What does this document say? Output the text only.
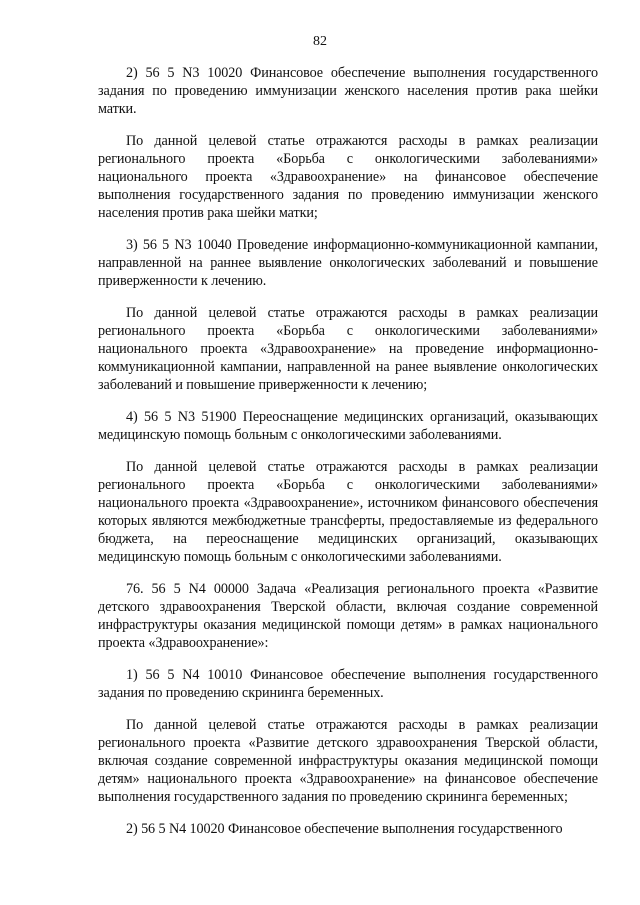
82

2) 56 5 N3 10020 Финансовое обеспечение выполнения государственного задания по проведению иммунизации женского населения против рака шейки матки.

По данной целевой статье отражаются расходы в рамках реализации регионального проекта «Борьба с онкологическими заболеваниями» национального проекта «Здравоохранение» на финансовое обеспечение выполнения государственного задания по проведению иммунизации женского населения против рака шейки матки;

3) 56 5 N3 10040 Проведение информационно-коммуникационной кампании, направленной на раннее выявление онкологических заболеваний и повышение приверженности к лечению.

По данной целевой статье отражаются расходы в рамках реализации регионального проекта «Борьба с онкологическими заболеваниями» национального проекта «Здравоохранение» на проведение информационно-коммуникационной кампании, направленной на ранее выявление онкологических заболеваний и повышение приверженности к лечению;

4) 56 5 N3 51900 Переоснащение медицинских организаций, оказывающих медицинскую помощь больным с онкологическими заболеваниями.

По данной целевой статье отражаются расходы в рамках реализации регионального проекта «Борьба с онкологическими заболеваниями» национального проекта «Здравоохранение», источником финансового обеспечения которых являются межбюджетные трансферты, предоставляемые из федерального бюджета, на переоснащение медицинских организаций, оказывающих медицинскую помощь больным с онкологическими заболеваниями.

76. 56 5 N4 00000 Задача «Реализация регионального проекта «Развитие детского здравоохранения Тверской области, включая создание современной инфраструктуры оказания медицинской помощи детям» в рамках национального проекта «Здравоохранение»:

1) 56 5 N4 10010 Финансовое обеспечение выполнения государственного задания по проведению скрининга беременных.

По данной целевой статье отражаются расходы в рамках реализации регионального проекта «Развитие детского здравоохранения Тверской области, включая создание современной инфраструктуры оказания медицинской помощи детям» национального проекта «Здравоохранение» на финансовое обеспечение выполнения государственного задания по проведению скрининга беременных;

2) 56 5 N4 10020 Финансовое обеспечение выполнения государственного
